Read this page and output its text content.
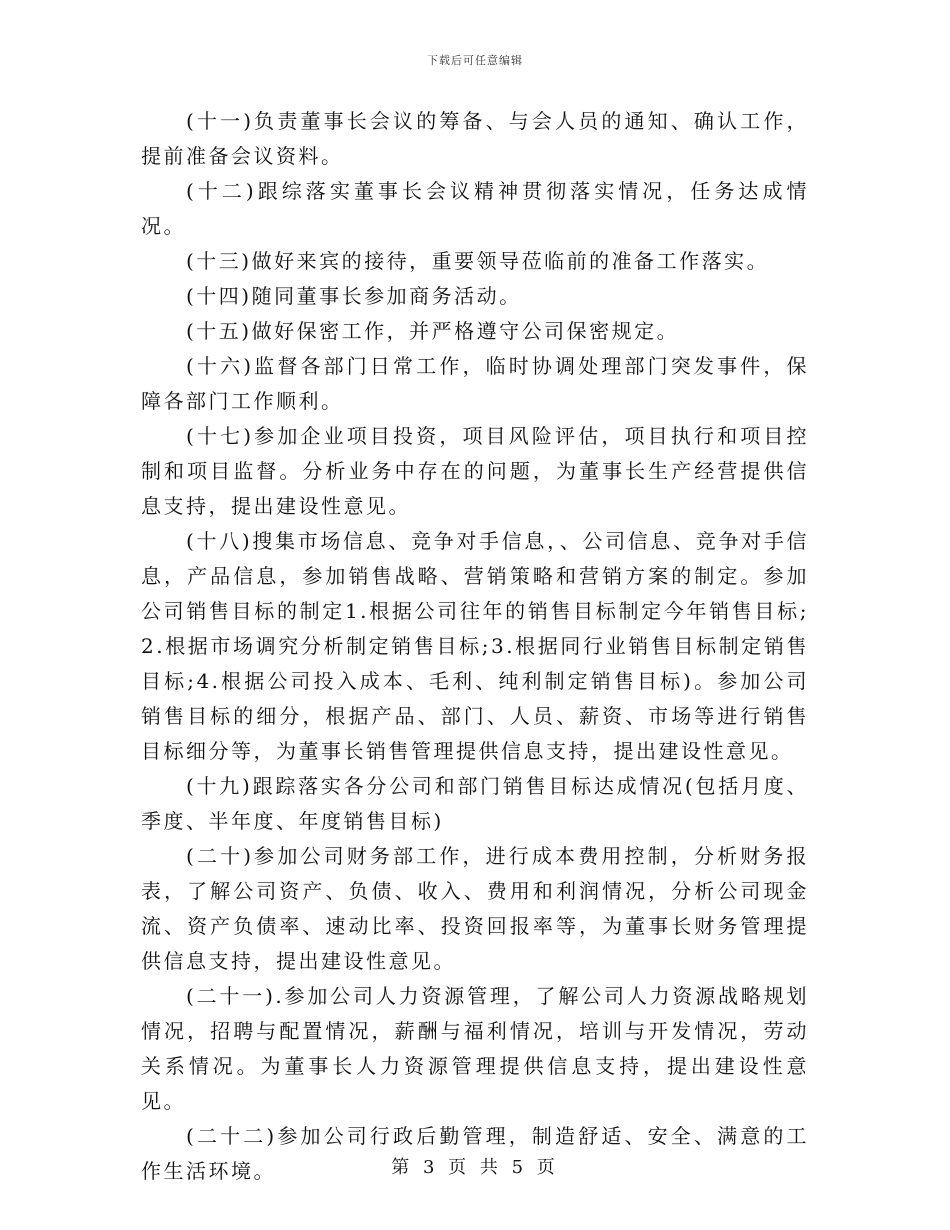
下载后可任意编辑

(十一)负责董事长会议的筹备、与会人员的通知、确认工作，提前准备会议资料。

(十二)跟综落实董事长会议精神贯彻落实情况，任务达成情况。

(十三)做好来宾的接待，重要领导莅临前的准备工作落实。

(十四)随同董事长参加商务活动。

(十五)做好保密工作，并严格遵守公司保密规定。

(十六)监督各部门日常工作，临时协调处理部门突发事件，保障各部门工作顺利。

(十七)参加企业项目投资，项目风险评估，项目执行和项目控制和项目监督。分析业务中存在的问题，为董事长生产经营提供信息支持，提出建设性意见。

(十八)搜集市场信息、竞争对手信息，、公司信息、竞争对手信息，产品信息，参加销售战略、营销策略和营销方案的制定。参加公司销售目标的制定1.根据公司往年的销售目标制定今年销售目标;2.根据市场调究分析制定销售目标;3.根据同行业销售目标制定销售目标;4.根据公司投入成本、毛利、纯利制定销售目标)。参加公司销售目标的细分，根据产品、部门、人员、薪资、市场等进行销售目标细分等，为董事长销售管理提供信息支持，提出建设性意见。

(十九)跟踪落实各分公司和部门销售目标达成情况(包括月度、季度、半年度、年度销售目标)

(二十)参加公司财务部工作，进行成本费用控制，分析财务报表，了解公司资产、负债、收入、费用和利润情况，分析公司现金流、资产负债率、速动比率、投资回报率等，为董事长财务管理提供信息支持，提出建设性意见。

(二十一).参加公司人力资源管理，了解公司人力资源战略规划情况，招聘与配置情况，薪酬与福利情况，培训与开发情况，劳动关系情况。为董事长人力资源管理提供信息支持，提出建设性意见。

(二十二)参加公司行政后勤管理，制造舒适、安全、满意的工作生活环境。	第 3 页 共 5 页
